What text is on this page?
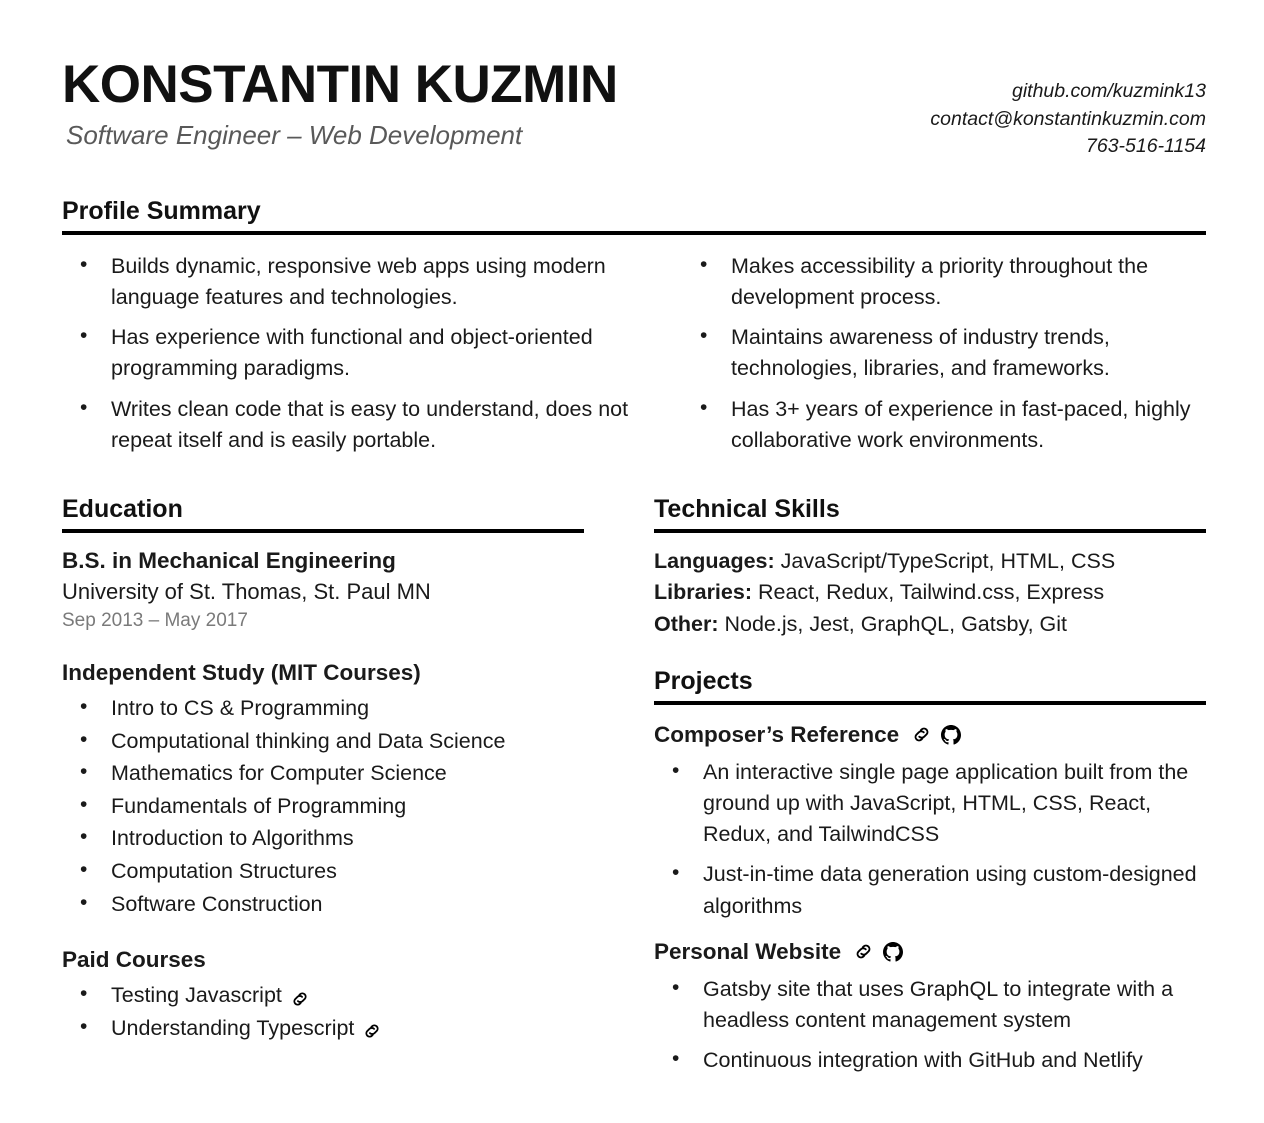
KONSTANTIN KUZMIN
Software Engineer – Web Development
github.com/kuzmink13
contact@konstantinkuzmin.com
763-516-1154
Profile Summary
• Builds dynamic, responsive web apps using modern language features and technologies.
• Has experience with functional and object-oriented programming paradigms.
• Writes clean code that is easy to understand, does not repeat itself and is easily portable.
• Makes accessibility a priority throughout the development process.
• Maintains awareness of industry trends, technologies, libraries, and frameworks.
• Has 3+ years of experience in fast-paced, highly collaborative work environments.
Education
B.S. in Mechanical Engineering
University of St. Thomas, St. Paul MN
Sep 2013 – May 2017
Independent Study (MIT Courses)
• Intro to CS & Programming
• Computational thinking and Data Science
• Mathematics for Computer Science
• Fundamentals of Programming
• Introduction to Algorithms
• Computation Structures
• Software Construction
Paid Courses
• Testing Javascript
• Understanding Typescript
Technical Skills

Languages: JavaScript/TypeScript, HTML, CSS

Libraries: React, Redux, Tailwind.css, Express

Other: Node.js, Jest, GraphQL, Gatsby, Git

Projects
Composer’s Reference
• An interactive single page application built from the ground up with JavaScript, HTML, CSS, React, Redux, and TailwindCSS
• Just-in-time data generation using custom-designed algorithms
Personal Website
• Gatsby site that uses GraphQL to integrate with a headless content management system
• Continuous integration with GitHub and Netlify
